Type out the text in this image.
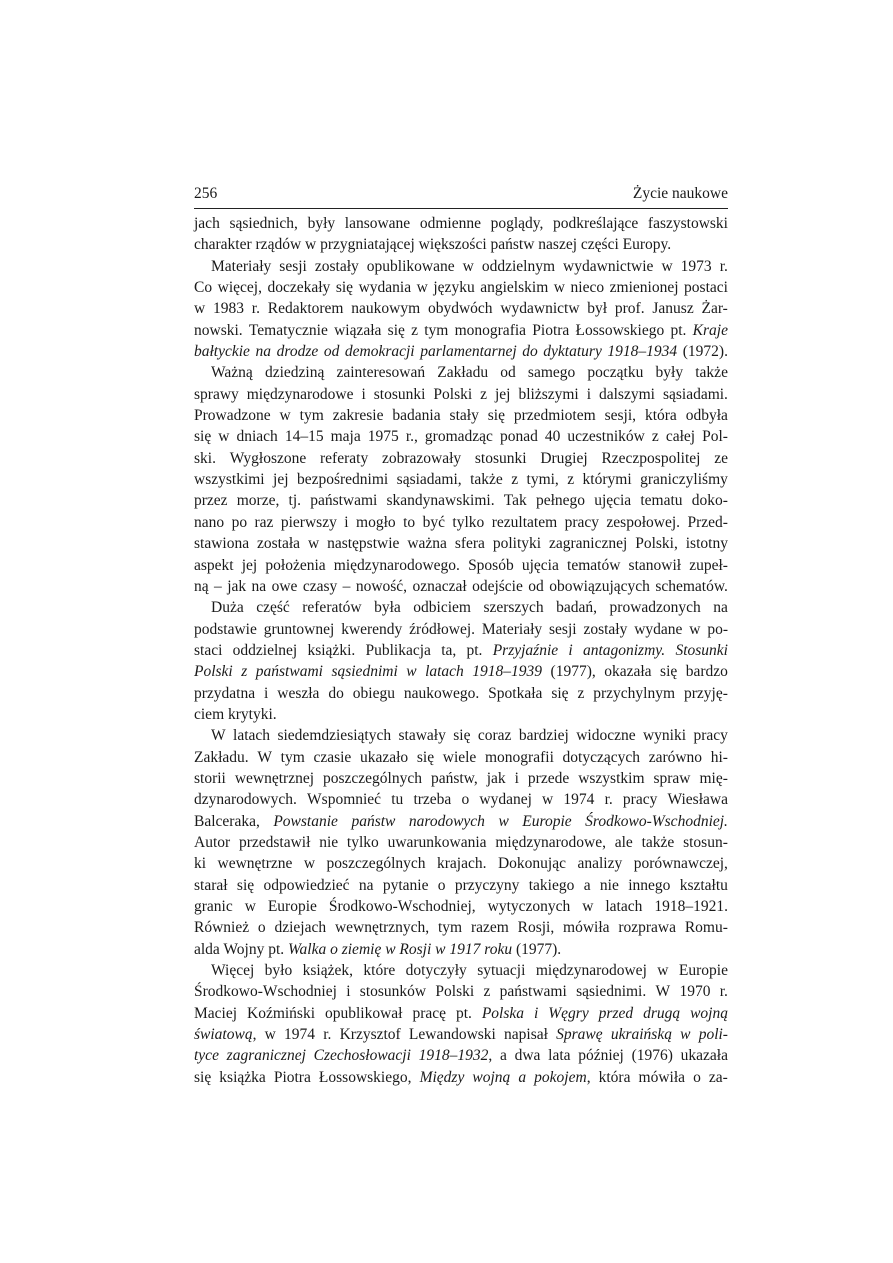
256	Życie naukowe
jach sąsiednich, były lansowane odmienne poglądy, podkreślające faszystowski
charakter rządów w przygniatającej większości państw naszej części Europy.
Materiały sesji zostały opublikowane w oddzielnym wydawnictwie w 1973 r.
Co więcej, doczekały się wydania w języku angielskim w nieco zmienionej postaci
w 1983 r. Redaktorem naukowym obydwóch wydawnictw był prof. Janusz Żar-
nowski. Tematycznie wiązała się z tym monografia Piotra Łossowskiego pt. Kraje
bałtyckie na drodze od demokracji parlamentarnej do dyktatury 1918–1934 (1972).
Ważną dziedziną zainteresowań Zakładu od samego początku były także
sprawy międzynarodowe i stosunki Polski z jej bliższymi i dalszymi sąsiadami.
Prowadzone w tym zakresie badania stały się przedmiotem sesji, która odbyła
się w dniach 14–15 maja 1975 r., gromadząc ponad 40 uczestników z całej Pol-
ski. Wygłoszone referaty zobrazowały stosunki Drugiej Rzeczpospolitej ze
wszystkimi jej bezpośrednimi sąsiadami, także z tymi, z którymi graniczyliśmy
przez morze, tj. państwami skandynawskimi. Tak pełnego ujęcia tematu doko-
nano po raz pierwszy i mogło to być tylko rezultatem pracy zespołowej. Przed-
stawiona została w następstwie ważna sfera polityki zagranicznej Polski, istotny
aspekt jej położenia międzynarodowego. Sposób ujęcia tematów stanowił zupeł-
ną – jak na owe czasy – nowość, oznaczał odejście od obowiązujących schematów.
Duża część referatów była odbiciem szerszych badań, prowadzonych na
podstawie gruntownej kwerendy źródłowej. Materiały sesji zostały wydane w po-
staci oddzielnej książki. Publikacja ta, pt. Przyjaźnie i antagonizmy. Stosunki
Polski z państwami sąsiednimi w latach 1918–1939 (1977), okazała się bardzo
przydatna i weszła do obiegu naukowego. Spotkała się z przychylnym przyję-
ciem krytyki.
W latach siedemdziesiątych stawały się coraz bardziej widoczne wyniki pracy
Zakładu. W tym czasie ukazało się wiele monografii dotyczących zarówno hi-
storii wewnętrznej poszczególnych państw, jak i przede wszystkim spraw mię-
dzynarodowych. Wspomnieć tu trzeba o wydanej w 1974 r. pracy Wiesława
Balceraka, Powstanie państw narodowych w Europie Środkowo-Wschodniej.
Autor przedstawił nie tylko uwarunkowania międzynarodowe, ale także stosun-
ki wewnętrzne w poszczególnych krajach. Dokonując analizy porównawczej,
starał się odpowiedzieć na pytanie o przyczyny takiego a nie innego kształtu
granic w Europie Środkowo-Wschodniej, wytyczonych w latach 1918–1921.
Również o dziejach wewnętrznych, tym razem Rosji, mówiła rozprawa Romu-
alda Wojny pt. Walka o ziemię w Rosji w 1917 roku (1977).
Więcej było książek, które dotyczyły sytuacji międzynarodowej w Europie
Środkowo-Wschodniej i stosunków Polski z państwami sąsiednimi. W 1970 r.
Maciej Koźmiński opublikował pracę pt. Polska i Węgry przed drugą wojną
światową, w 1974 r. Krzysztof Lewandowski napisał Sprawę ukraińską w poli-
tyce zagranicznej Czechosłowacji 1918–1932, a dwa lata później (1976) ukazała
się książka Piotra Łossowskiego, Między wojną a pokojem, która mówiła o za-
